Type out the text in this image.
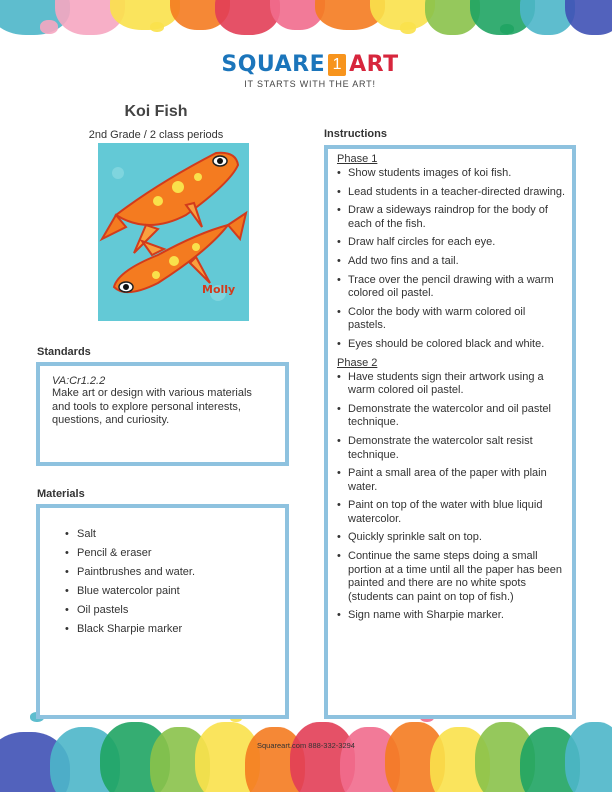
SQUARE 1 ART
IT STARTS WITH THE ART!
Koi Fish
2nd Grade / 2 class periods
Molly
Standards
VA:Cr1.2.2
Make art or design with various materials and tools to explore personal interests, questions, and curiosity.
Materials
• Salt
• Pencil & eraser
• Paintbrushes and water.
• Blue watercolor paint
• Oil pastels
• Black Sharpie marker
Instructions
Phase 1
• Show students images of koi fish.
• Lead students in a teacher-directed drawing.
• Draw a sideways raindrop for the body of each of the fish.
• Draw half circles for each eye.
• Add two fins and a tail.
• Trace over the pencil drawing with a warm colored oil pastel.
• Color the body with warm colored oil pastels.
• Eyes should be colored black and white.
Phase 2
• Have students sign their artwork using a warm colored oil pastel.
• Demonstrate the watercolor and oil pastel technique.
• Demonstrate the watercolor salt resist technique.
• Paint a small area of the paper with plain water.
• Paint on top of the water with blue liquid watercolor.
• Quickly sprinkle salt on top.
• Continue the same steps doing a small portion at a time until all the paper has been painted and there are no white spots (students can paint on top of fish.)
• Sign name with Sharpie marker.
Squareart.com 888-332-3294
